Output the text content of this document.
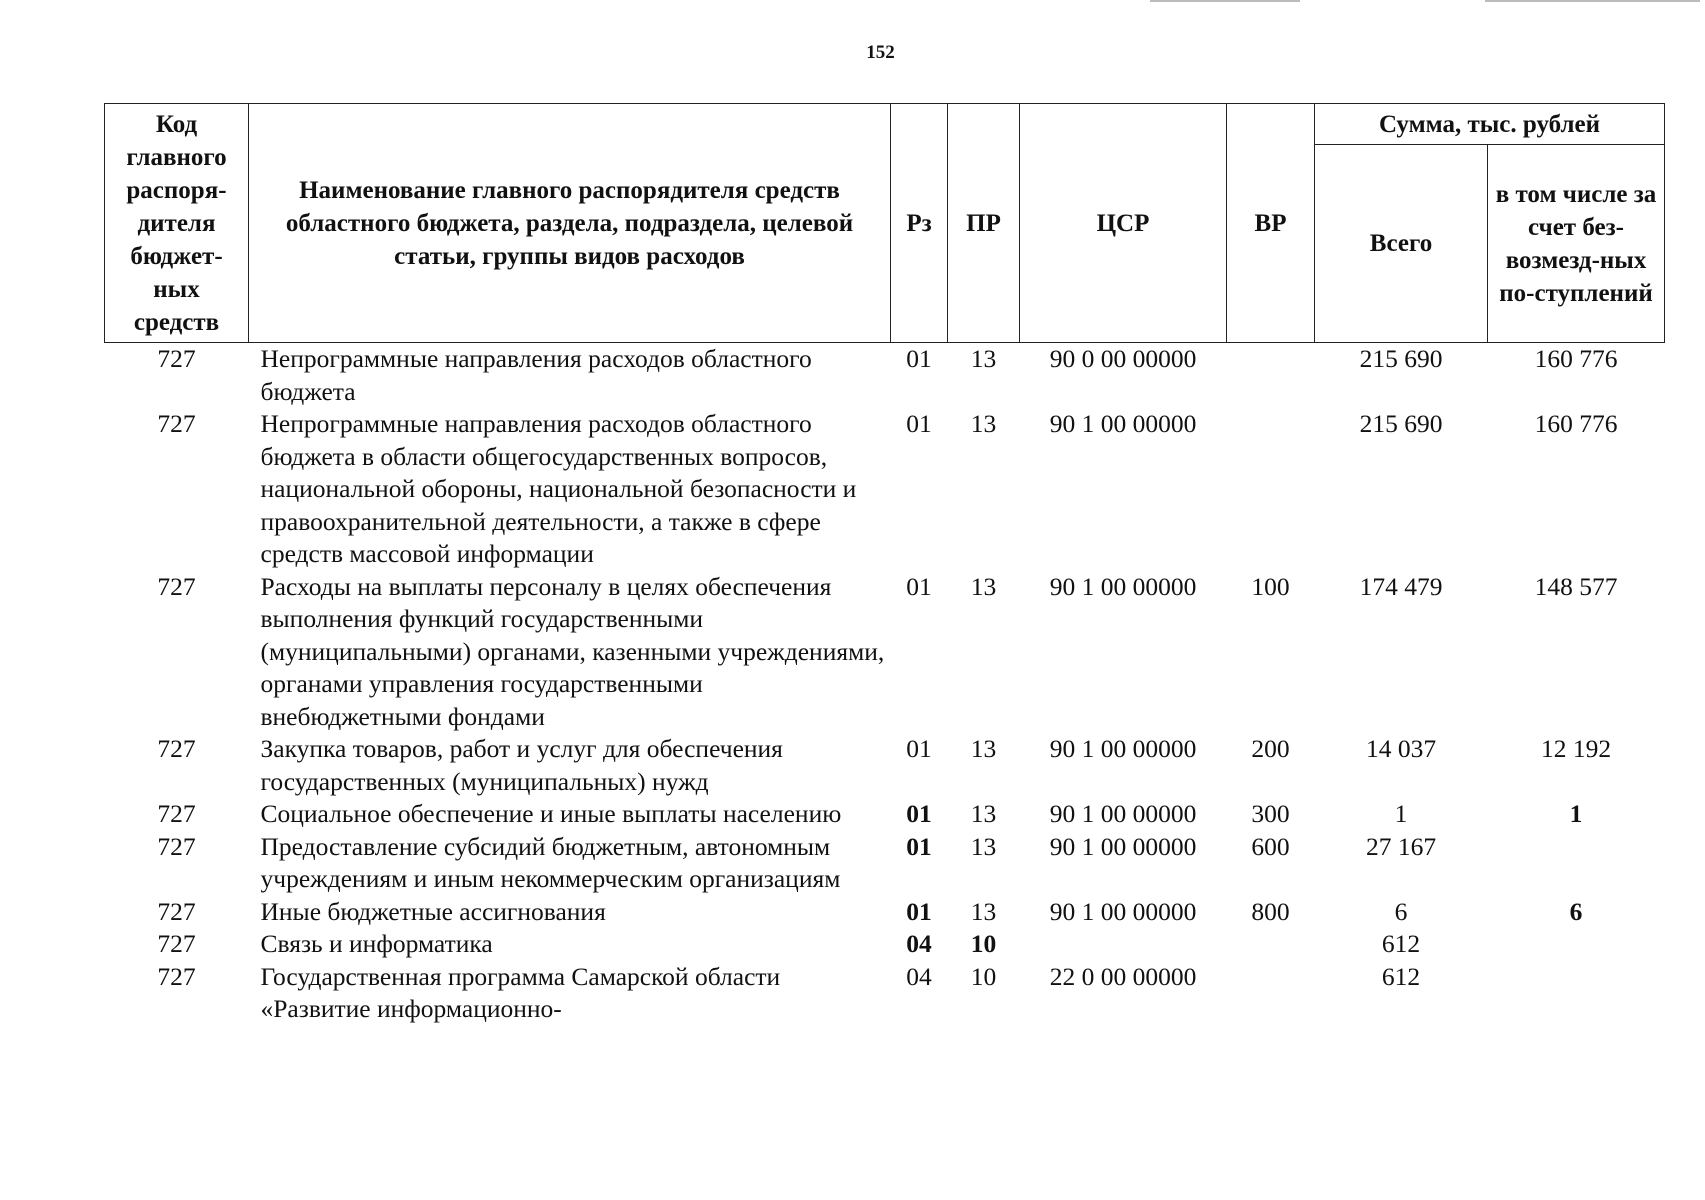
152
Код главного распоря-дителя бюджет-ных средств	Наименование главного распорядителя средств областного бюджета, раздела, подраздела, целевой статьи, группы видов расходов	Рз	ПР	ЦСР	ВР	Сумма, тыс. рублей	
						Всего	в том числе за счет без-возмезд-ных по-ступлений
727	Непрограммные направления расходов областного бюджета	01	13	90 0 00 00000		215 690	160 776
727	Непрограммные направления расходов областного бюджета в области общегосударственных вопросов, национальной обороны, национальной безопасности и правоохранительной деятельности, а также в сфере средств массовой информации	01	13	90 1 00 00000		215 690	160 776
727	Расходы на выплаты персоналу в целях обеспечения выполнения функций государственными (муниципальными) органами, казенными учреждениями, органами управления государственными внебюджетными фондами	01	13	90 1 00 00000	100	174 479	148 577
727	Закупка товаров, работ и услуг для обеспечения государственных (муниципальных) нужд	01	13	90 1 00 00000	200	14 037	12 192
727	Социальное обеспечение и иные выплаты населению	01	13	90 1 00 00000	300	1	1
727	Предоставление субсидий бюджетным, автономным учреждениям и иным некоммерческим организациям	01	13	90 1 00 00000	600	27 167	
727	Иные бюджетные ассигнования	01	13	90 1 00 00000	800	6	6
727	Связь и информатика	04	10			612	
727	Государственная программа Самарской области «Развитие информационно-	04	10	22 0 00 00000		612	
